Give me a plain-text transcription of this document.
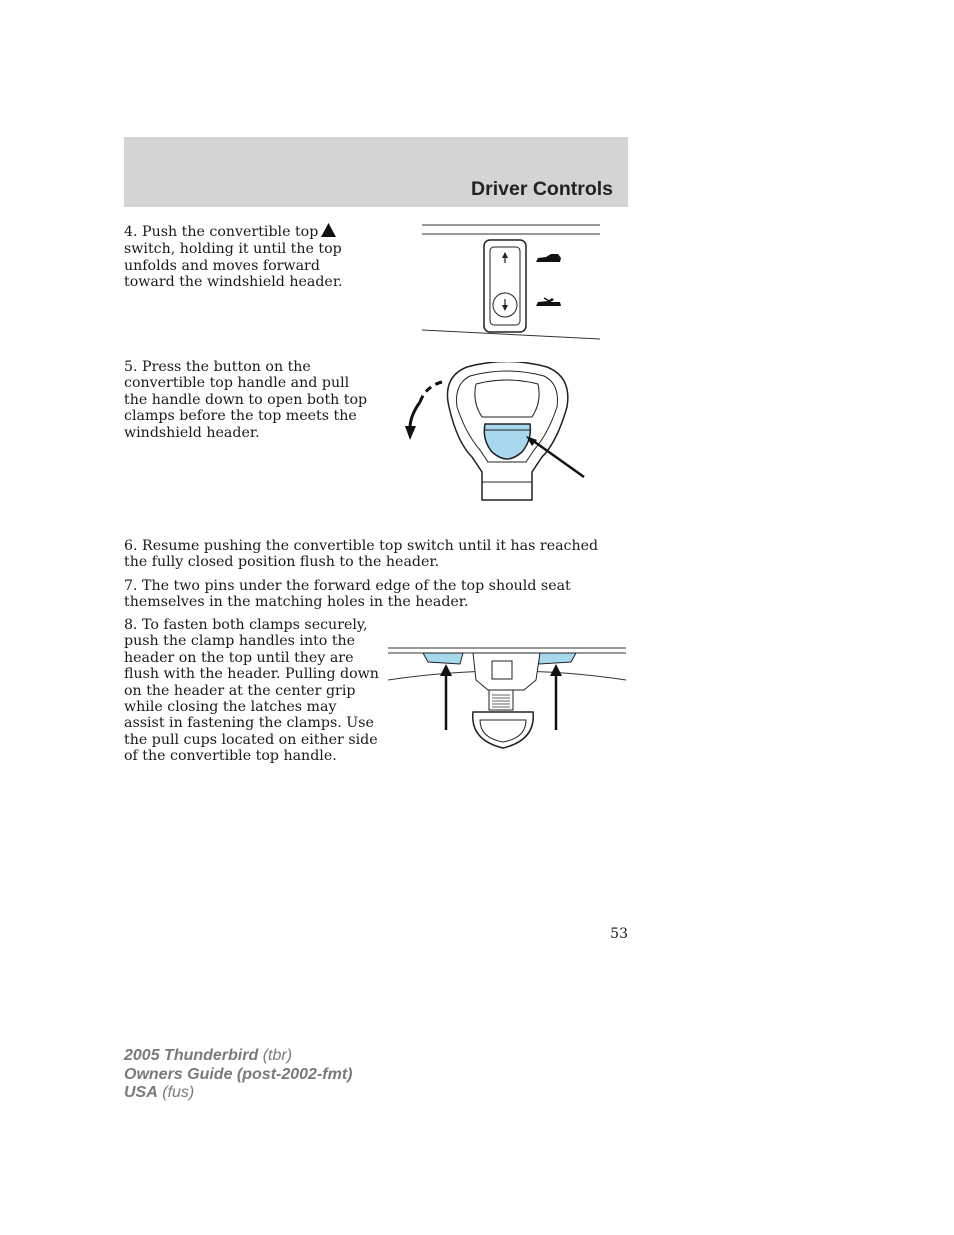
Driver Controls

4. Push the convertible top switch, holding it until the top unfolds and moves forward toward the windshield header.

5. Press the button on the convertible top handle and pull the handle down to open both top clamps before the top meets the windshield header.

6. Resume pushing the convertible top switch until it has reached the fully closed position flush to the header.

7. The two pins under the forward edge of the top should seat themselves in the matching holes in the header.

8. To fasten both clamps securely, push the clamp handles into the header on the top until they are flush with the header. Pulling down on the header at the center grip while closing the latches may assist in fastening the clamps. Use the pull cups located on either side of the convertible top handle.

53
2005 Thunderbird (tbr)
Owners Guide (post-2002-fmt)
USA (fus)
